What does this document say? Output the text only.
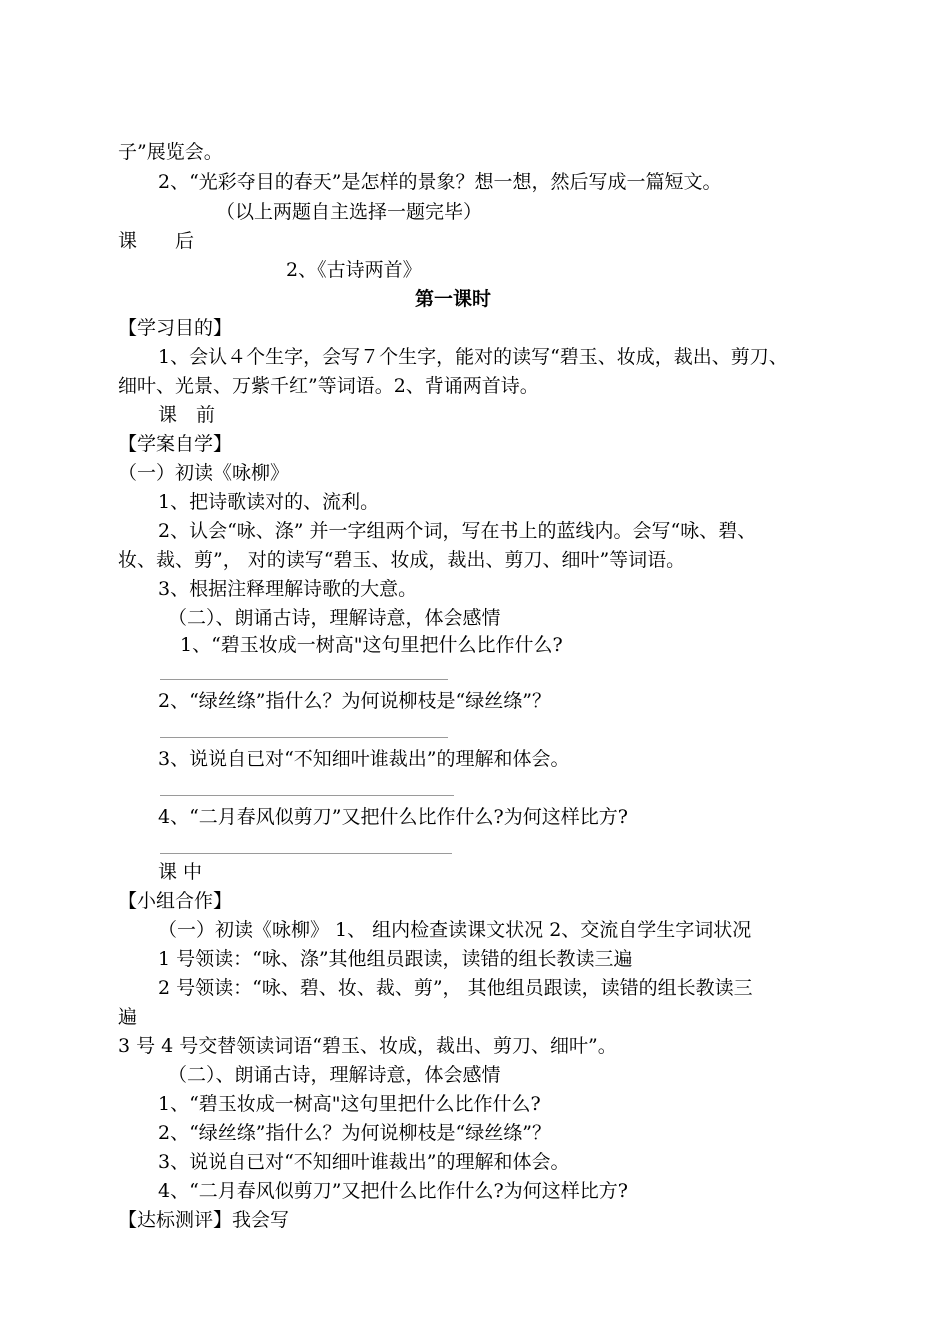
子”展览会。
2、“光彩夺目的春天”是怎样的景象？想一想，然后写成一篇短文。
（以上两题自主选择一题完毕）
课　　后
2、《古诗两首》
第一课时
【学习目的】
1、会认４个生字，会写７个生字，能对的读写“碧玉、妆成，裁出、剪刀、
细叶、光景、万紫千红”等词语。2、背诵两首诗。
课　前
【学案自学】
（一）初读《咏柳》
1、把诗歌读对的、流利。
2、认会“咏、涤” 并一字组两个词，写在书上的蓝线内。会写“咏、碧、
妆、裁、剪”， 对的读写“碧玉、妆成，裁出、剪刀、细叶”等词语。
3、根据注释理解诗歌的大意。
（二）、朗诵古诗，理解诗意，体会感情
1、“碧玉妆成一树高"这句里把什么比作什么?
2、“绿丝绦”指什么？为何说柳枝是“绿丝绦”？
3、说说自已对“不知细叶谁裁出”的理解和体会。
4、“二月春风似剪刀”又把什么比作什么?为何这样比方?
课 中
【小组合作】
（一）初读《咏柳》 1、 组内检查读课文状况 2、交流自学生字词状况
1 号领读：“咏、涤”其他组员跟读，读错的组长教读三遍
2 号领读：“咏、碧、妆、裁、剪”， 其他组员跟读，读错的组长教读三
遍
3 号 4 号交替领读词语“碧玉、妆成，裁出、剪刀、细叶”。
（二）、朗诵古诗，理解诗意，体会感情
1、“碧玉妆成一树高"这句里把什么比作什么?
2、“绿丝绦”指什么？为何说柳枝是“绿丝绦”？
3、说说自已对“不知细叶谁裁出”的理解和体会。
4、“二月春风似剪刀”又把什么比作什么?为何这样比方?
【达标测评】我会写
